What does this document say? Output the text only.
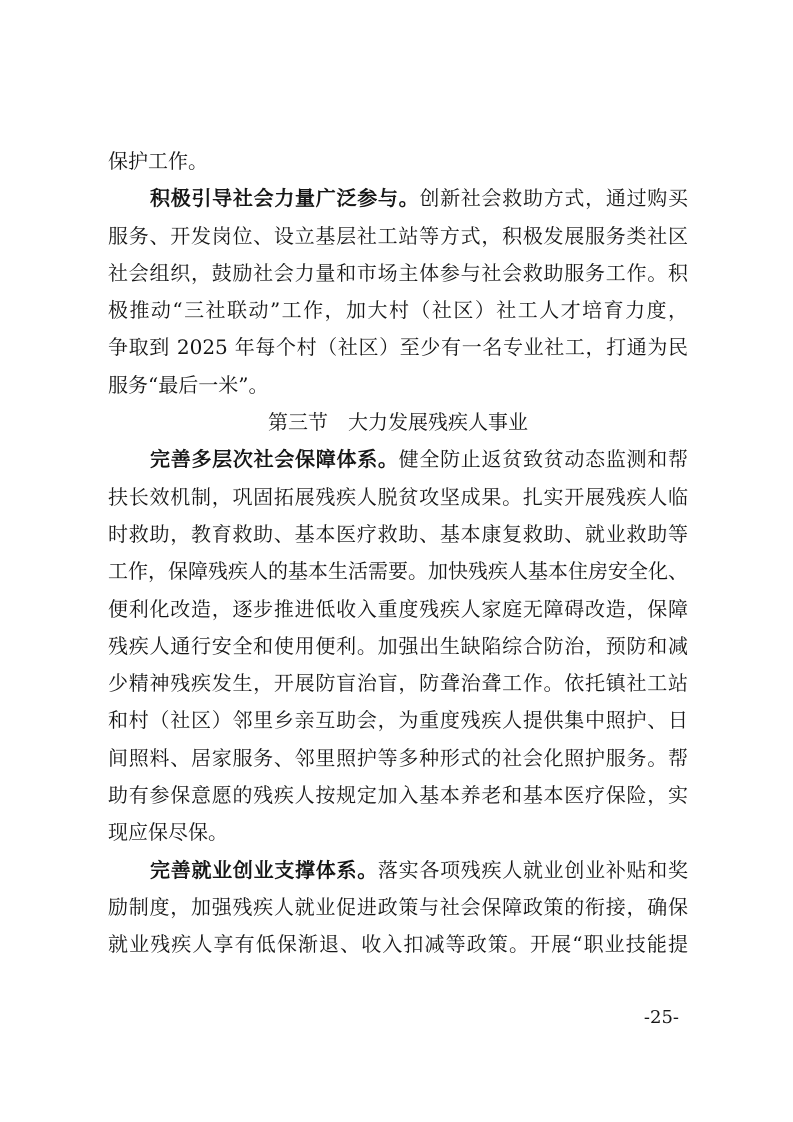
保护工作。
积极引导社会力量广泛参与。创新社会救助方式，通过购买
服务、开发岗位、设立基层社工站等方式，积极发展服务类社区
社会组织，鼓励社会力量和市场主体参与社会救助服务工作。积
极推动“三社联动”工作，加大村（社区）社工人才培育力度，
争取到 2025 年每个村（社区）至少有一名专业社工，打通为民
服务“最后一米”。
第三节　大力发展残疾人事业
完善多层次社会保障体系。健全防止返贫致贫动态监测和帮
扶长效机制，巩固拓展残疾人脱贫攻坚成果。扎实开展残疾人临
时救助，教育救助、基本医疗救助、基本康复救助、就业救助等
工作，保障残疾人的基本生活需要。加快残疾人基本住房安全化、
便利化改造，逐步推进低收入重度残疾人家庭无障碍改造，保障
残疾人通行安全和使用便利。加强出生缺陷综合防治，预防和减
少精神残疾发生，开展防盲治盲，防聋治聋工作。依托镇社工站
和村（社区）邻里乡亲互助会，为重度残疾人提供集中照护、日
间照料、居家服务、邻里照护等多种形式的社会化照护服务。帮
助有参保意愿的残疾人按规定加入基本养老和基本医疗保险，实
现应保尽保。
完善就业创业支撑体系。落实各项残疾人就业创业补贴和奖
励制度，加强残疾人就业促进政策与社会保障政策的衔接，确保
就业残疾人享有低保渐退、收入扣减等政策。开展“职业技能提
-25-
